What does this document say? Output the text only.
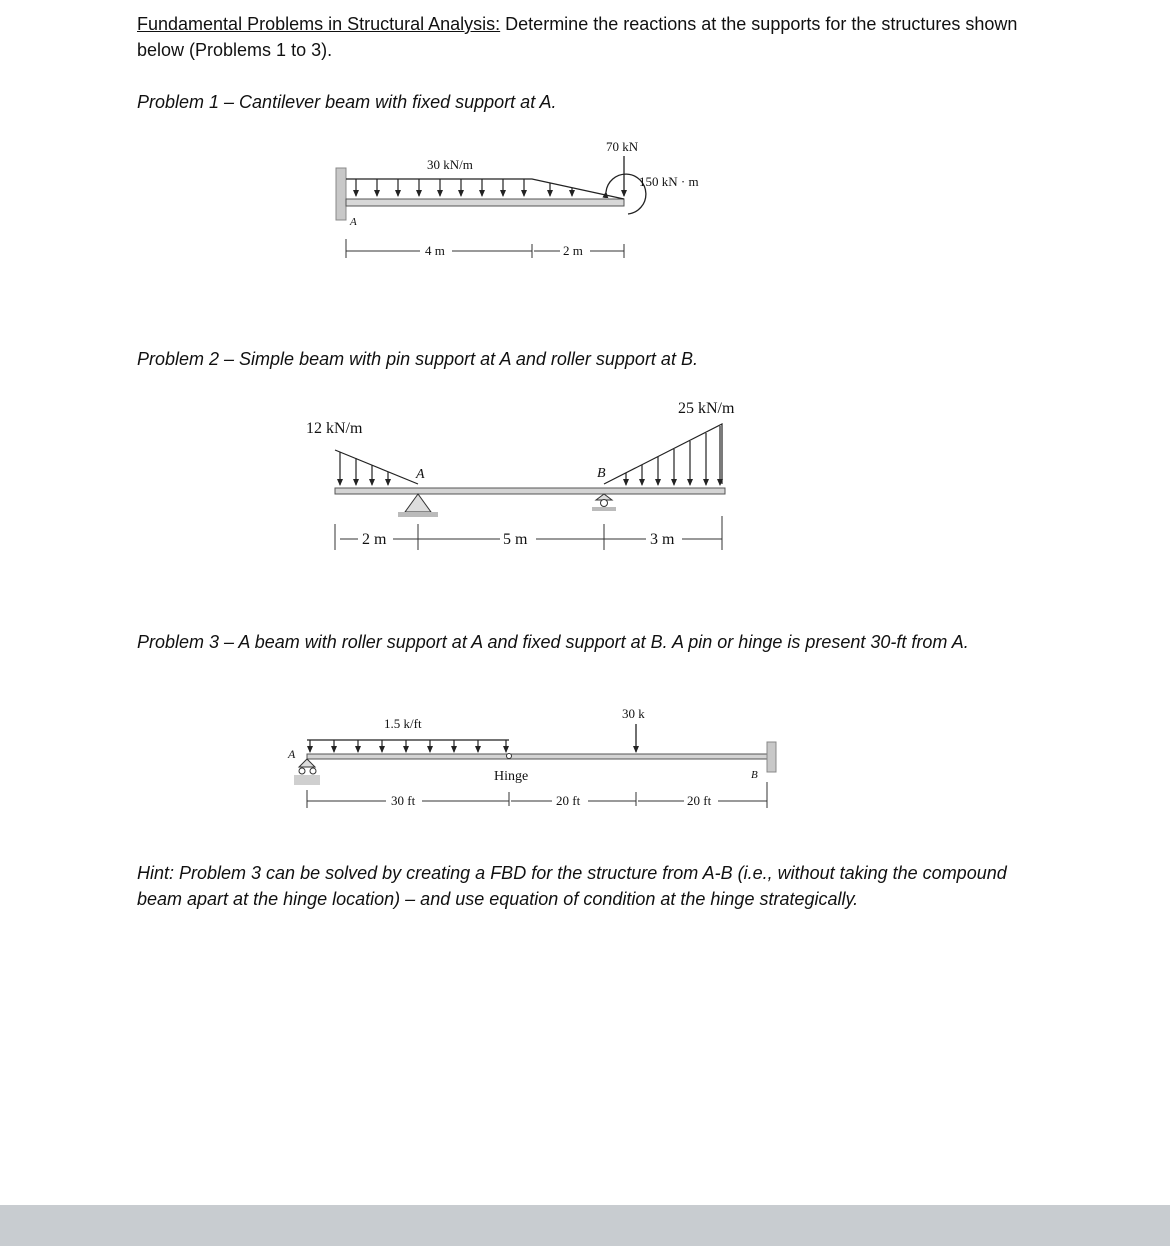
Fundamental Problems in Structural Analysis: Determine the reactions at the supports for the structures shown below (Problems 1 to 3).
Problem 1 – Cantilever beam with fixed support at A.
30 kN/m
70 kN
150 kN · m
A
4 m	2 m
Problem 2 – Simple beam with pin support at A and roller support at B.
12 kN/m
25 kN/m
A	B
2 m	5 m	3 m
Problem 3 – A beam with roller support at A and fixed support at B. A pin or hinge is present 30-ft from A.
1.5 k/ft
30 k
Hinge
A
B
30 ft	20 ft	20 ft
Hint: Problem 3 can be solved by creating a FBD for the structure from A-B (i.e., without taking the compound beam apart at the hinge location) – and use equation of condition at the hinge strategically.
